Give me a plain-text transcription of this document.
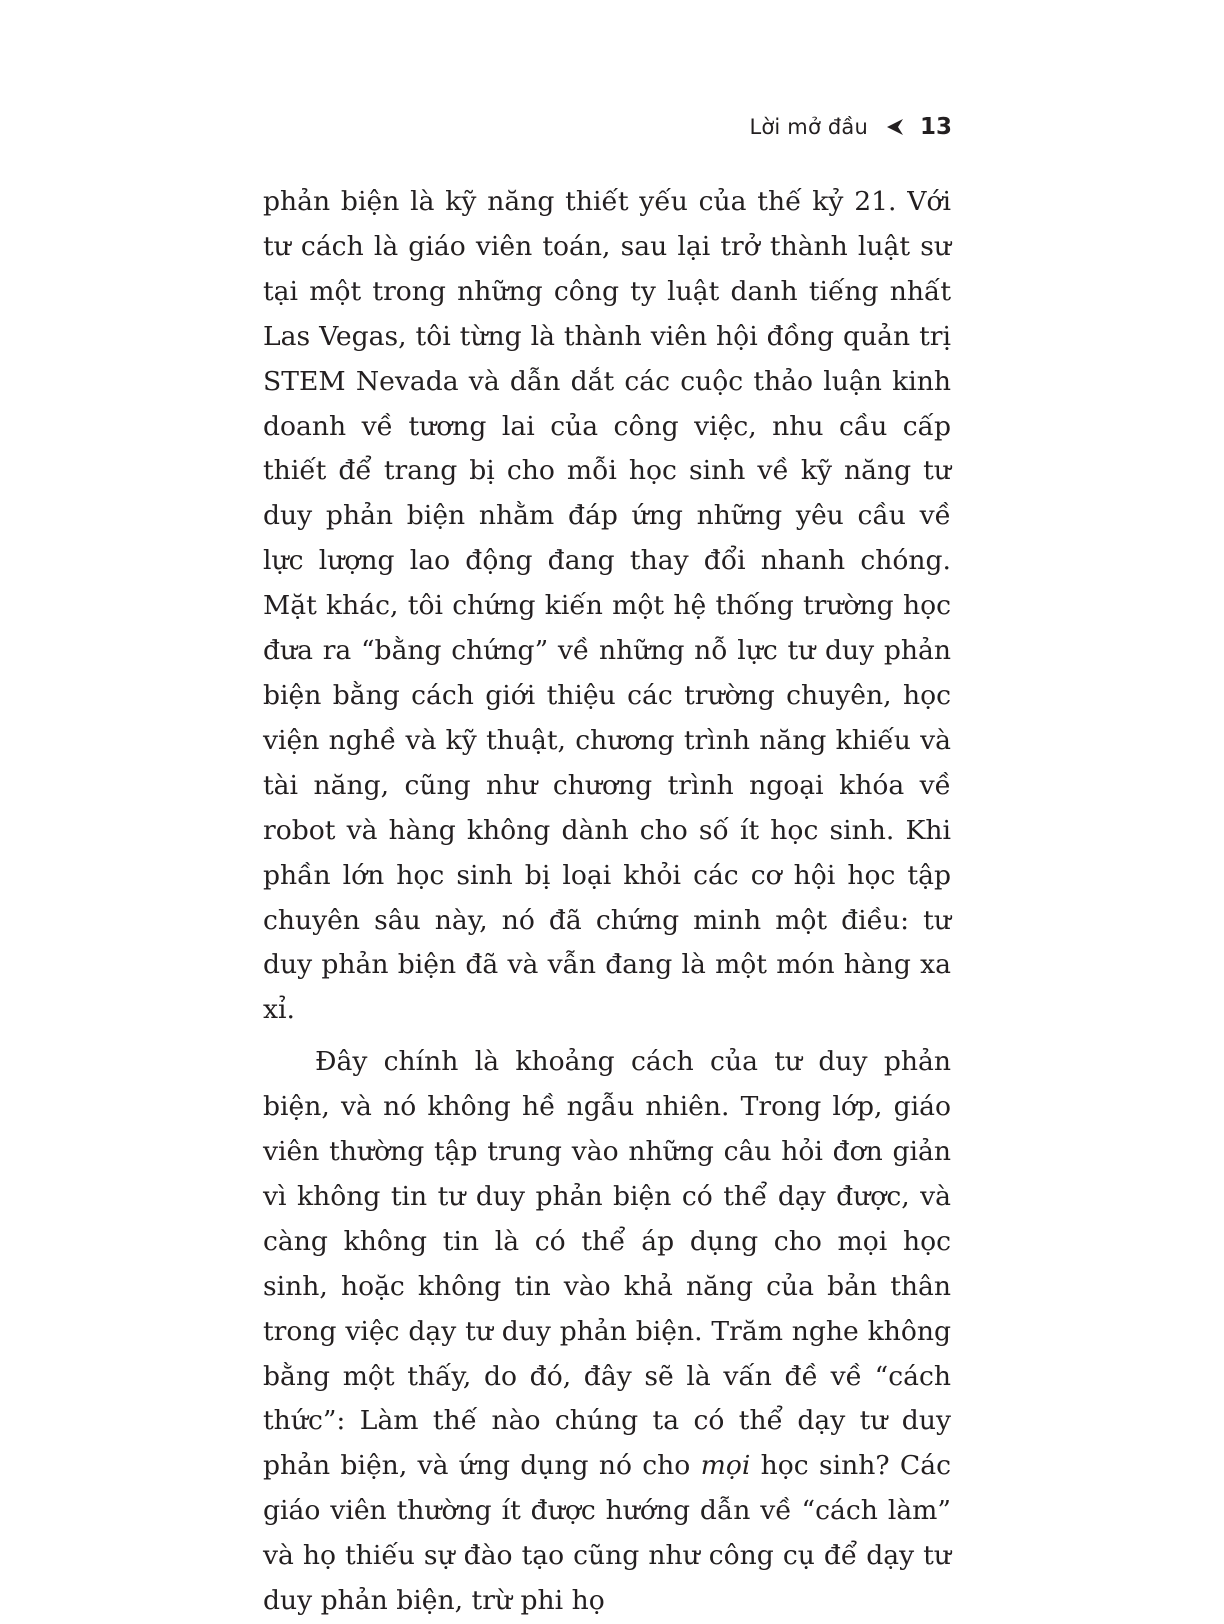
Lời mở đầu 13

phản biện là kỹ năng thiết yếu của thế kỷ 21. Với tư cách là giáo viên toán, sau lại trở thành luật sư tại một trong những công ty luật danh tiếng nhất Las Vegas, tôi từng là thành viên hội đồng quản trị STEM Nevada và dẫn dắt các cuộc thảo luận kinh doanh về tương lai của công việc, nhu cầu cấp thiết để trang bị cho mỗi học sinh về kỹ năng tư duy phản biện nhằm đáp ứng những yêu cầu về lực lượng lao động đang thay đổi nhanh chóng. Mặt khác, tôi chứng kiến một hệ thống trường học đưa ra “bằng chứng” về những nỗ lực tư duy phản biện bằng cách giới thiệu các trường chuyên, học viện nghề và kỹ thuật, chương trình năng khiếu và tài năng, cũng như chương trình ngoại khóa về robot và hàng không dành cho số ít học sinh. Khi phần lớn học sinh bị loại khỏi các cơ hội học tập chuyên sâu này, nó đã chứng minh một điều: tư duy phản biện đã và vẫn đang là một món hàng xa xỉ.

Đây chính là khoảng cách của tư duy phản biện, và nó không hề ngẫu nhiên. Trong lớp, giáo viên thường tập trung vào những câu hỏi đơn giản vì không tin tư duy phản biện có thể dạy được, và càng không tin là có thể áp dụng cho mọi học sinh, hoặc không tin vào khả năng của bản thân trong việc dạy tư duy phản biện. Trăm nghe không bằng một thấy, do đó, đây sẽ là vấn đề về “cách thức”: Làm thế nào chúng ta có thể dạy tư duy phản biện, và ứng dụng nó cho mọi học sinh? Các giáo viên thường ít được hướng dẫn về “cách làm” và họ thiếu sự đào tạo cũng như công cụ để dạy tư duy phản biện, trừ phi họ
